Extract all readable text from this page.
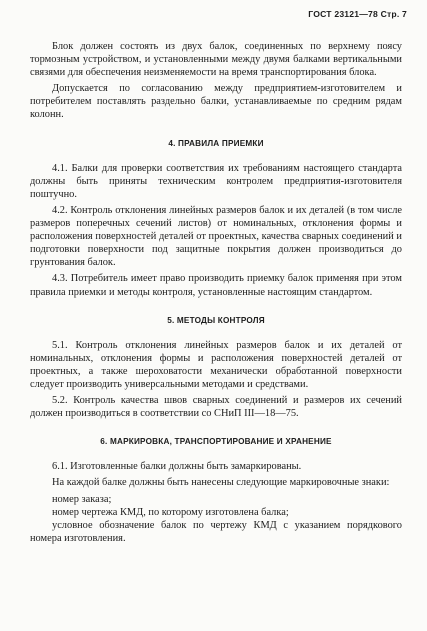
ГОСТ 23121—78 Стр. 7

Блок должен состоять из двух балок, соединенных по верхнему поясу тормозным устройством, и установленными между двумя балками вертикальными связями для обеспечения неизменяемости на время транспортирования блока.

Допускается по согласованию между предприятием-изготовителем и потребителем поставлять раздельно балки, устанавливаемые по средним рядам колонн.

4. ПРАВИЛА ПРИЕМКИ

4.1. Балки для проверки соответствия их требованиям настоящего стандарта должны быть приняты техническим контролем предприятия-изготовителя поштучно.

4.2. Контроль отклонения линейных размеров балок и их деталей (в том числе размеров поперечных сечений листов) от номинальных, отклонения формы и расположения поверхностей деталей от проектных, качества сварных соединений и подготовки поверхности под защитные покрытия должен производиться до грунтования балок.

4.3. Потребитель имеет право производить приемку балок применяя при этом правила приемки и методы контроля, установленные настоящим стандартом.

5. МЕТОДЫ КОНТРОЛЯ

5.1. Контроль отклонения линейных размеров балок и их деталей от номинальных, отклонения формы и расположения поверхностей деталей от проектных, а также шероховатости механически обработанной поверхности следует производить универсальными методами и средствами.

5.2. Контроль качества швов сварных соединений и размеров их сечений должен производиться в соответствии со СНиП III—18—75.

6. МАРКИРОВКА, ТРАНСПОРТИРОВАНИЕ И ХРАНЕНИЕ

6.1. Изготовленные балки должны быть замаркированы.

На каждой балке должны быть нанесены следующие маркировочные знаки:

номер заказа;

номер чертежа КМД, по которому изготовлена балка;

условное обозначение балок по чертежу КМД с указанием порядкового номера изготовления.
